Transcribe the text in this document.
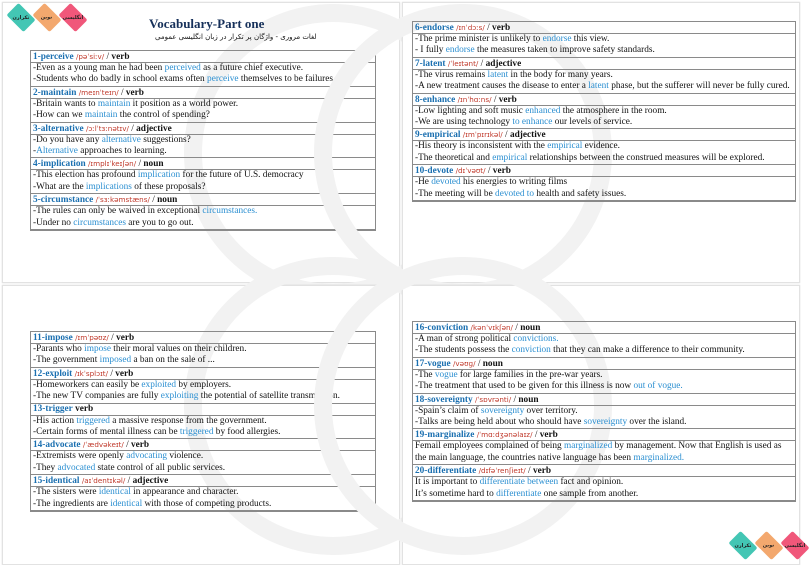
تکرارن نوین انگلیسی	Vocabulary-Part one
لغات مروری - واژگان پر تکرار در زبان انگلیسی عمومی
1-perceive /pəˈsiːv/ / verb
-Even as a young man he had been perceived as a future chief executive.
-Students who do badly in school exams often perceive themselves to be failures.
2-maintain /meɪnˈteɪn/ / verb
-Britain wants to maintain it position as a world power.
-How can we maintain the control of spending?
3-alternative /ɔːlˈtɜːnətɪv/ / adjective
-Do you have any alternative suggestions?
-Alternative approaches to learning.
4-implication /ɪmplɪˈkeɪʃən/ / noun
-This election has profound implication for the future of U.S. democracy
-What are the implications of these proposals?
5-circumstance /ˈsɜːkəmstæns/ / noun
-The rules can only be waived in exceptional circumstances.
-Under no circumstances are you to go out.
6-endorse /ɪnˈdɔːs/ / verb
-The prime minister is unlikely to endorse this view.
- I fully endorse the measures taken to improve safety standards.
7-latent /ˈleɪtənt/ / adjective
-The virus remains latent in the body for many years.
-A new treatment causes the disease to enter a latent phase, but the sufferer will never be fully cured.
8-enhance /ɪnˈhɑːns/ / verb
-Low lighting and soft music enhanced the atmosphere in the room.
-We are using technology to enhance our levels of service.
9-empirical /ɪmˈpɪrɪkəl/ / adjective
-His theory is inconsistent with the empirical evidence.
-The theoretical and empirical relationships between the construed measures will be explored.
10-devote /dɪˈvəʊt/ / verb
-He devoted his energies to writing films
-The meeting will be devoted to health and safety issues.
11-impose /ɪmˈpəʊz/ / verb
-Parants who impose their moral values on their children.
-The government imposed a ban on the sale of ...
12-exploit /ɪkˈsplɔɪt/ / verb
-Homeworkers can easily be exploited by employers.
-The new TV companies are fully exploiting the potential of satellite transmission.
13-trigger verb
-His action triggered a massive response from the government.
-Certain forms of mental illness can be triggered by food allergies.
14-advocate /ˈædvəkeɪt/ / verb
-Extremists were openly advocating violence.
-They advocated state control of all public services.
15-identical /aɪˈdentɪkəl/ / adjective
-The sisters were identical in appearance and character.
-The ingredients are identical with those of competing products.
16-conviction /kənˈvɪkʃən/ / noun
-A man of strong political convictions.
-The students possess the conviction that they can make a difference to their community.
17-vogue /vəʊɡ/ / noun
-The vogue for large families in the pre-war years.
-The treatment that used to be given for this illness is now out of vogue.
18-sovereignty /ˈsɒvrənti/ / noun
-Spain’s claim of sovereignty over territory.
-Talks are being held about who should have sovereignty over the island.
19-marginalize /ˈmɑːdʒənəlaɪz/ / verb
Femail employees complained of being marginalized by management. Now that English is used as the main language, the countries native language has been marginalized.
20-differentiate /dɪfəˈrenʃieɪt/ / verb
It is important to differentiate between fact and opinion.
It’s sometime hard to differentiate one sample from another.
تکرارن نوین انگلیسی
